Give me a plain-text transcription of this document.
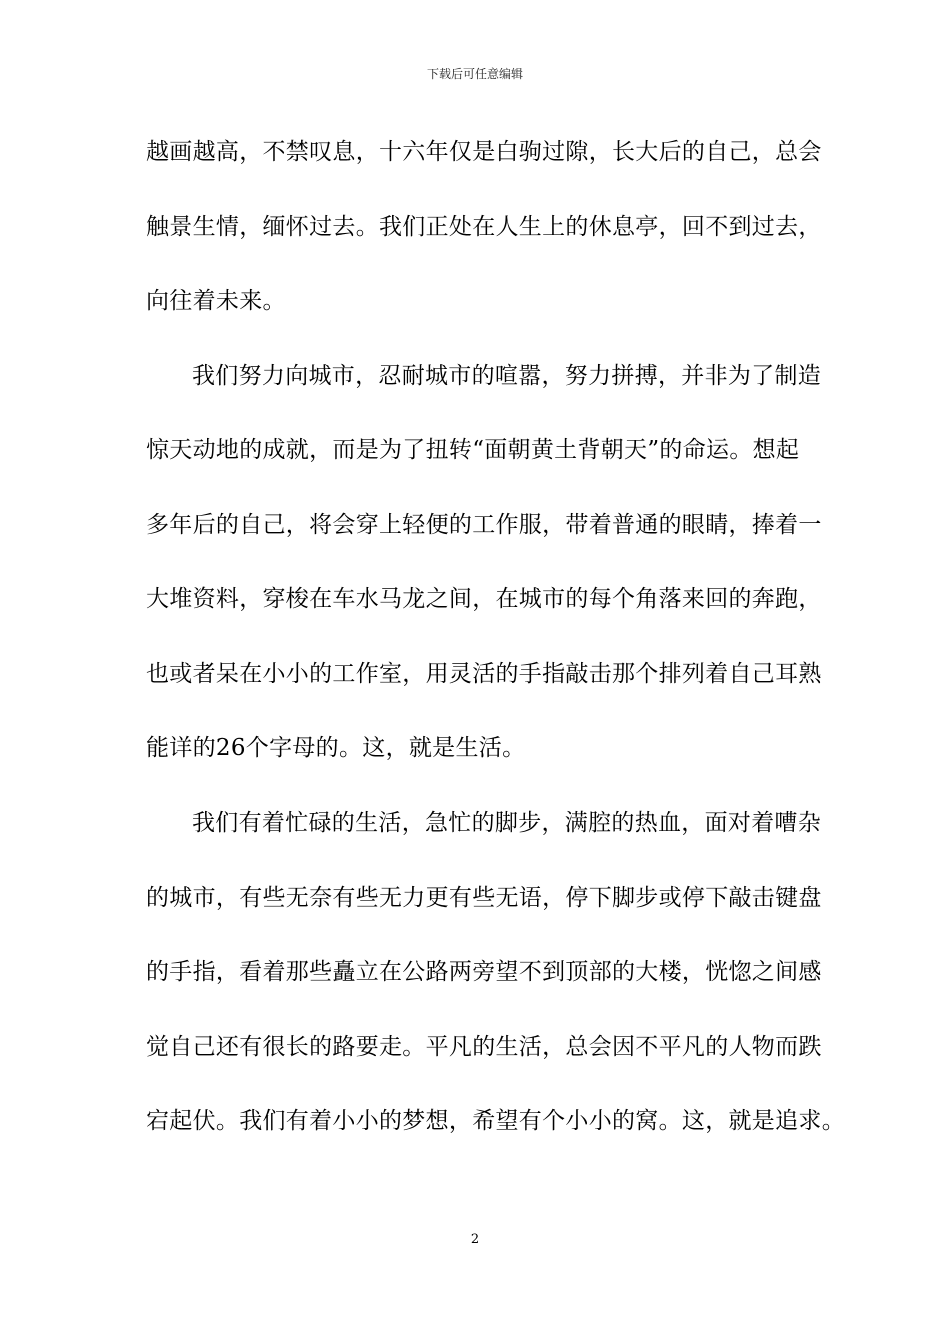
下载后可任意编辑
越画越高，不禁叹息，十六年仅是白驹过隙，长大后的自己，总会
触景生情，缅怀过去。我们正处在人生上的休息亭，回不到过去，
向往着未来。
我们努力向城市，忍耐城市的喧嚣，努力拼搏，并非为了制造
惊天动地的成就，而是为了扭转“面朝黄土背朝天”的命运。想起
多年后的自己，将会穿上轻便的工作服，带着普通的眼睛，捧着一
大堆资料，穿梭在车水马龙之间，在城市的每个角落来回的奔跑，
也或者呆在小小的工作室，用灵活的手指敲击那个排列着自己耳熟
能详的26个字母的。这，就是生活。
我们有着忙碌的生活，急忙的脚步，满腔的热血，面对着嘈杂
的城市，有些无奈有些无力更有些无语，停下脚步或停下敲击键盘
的手指，看着那些矗立在公路两旁望不到顶部的大楼，恍惚之间感
觉自己还有很长的路要走。平凡的生活，总会因不平凡的人物而跌
宕起伏。我们有着小小的梦想，希望有个小小的窝。这，就是追求。
2
